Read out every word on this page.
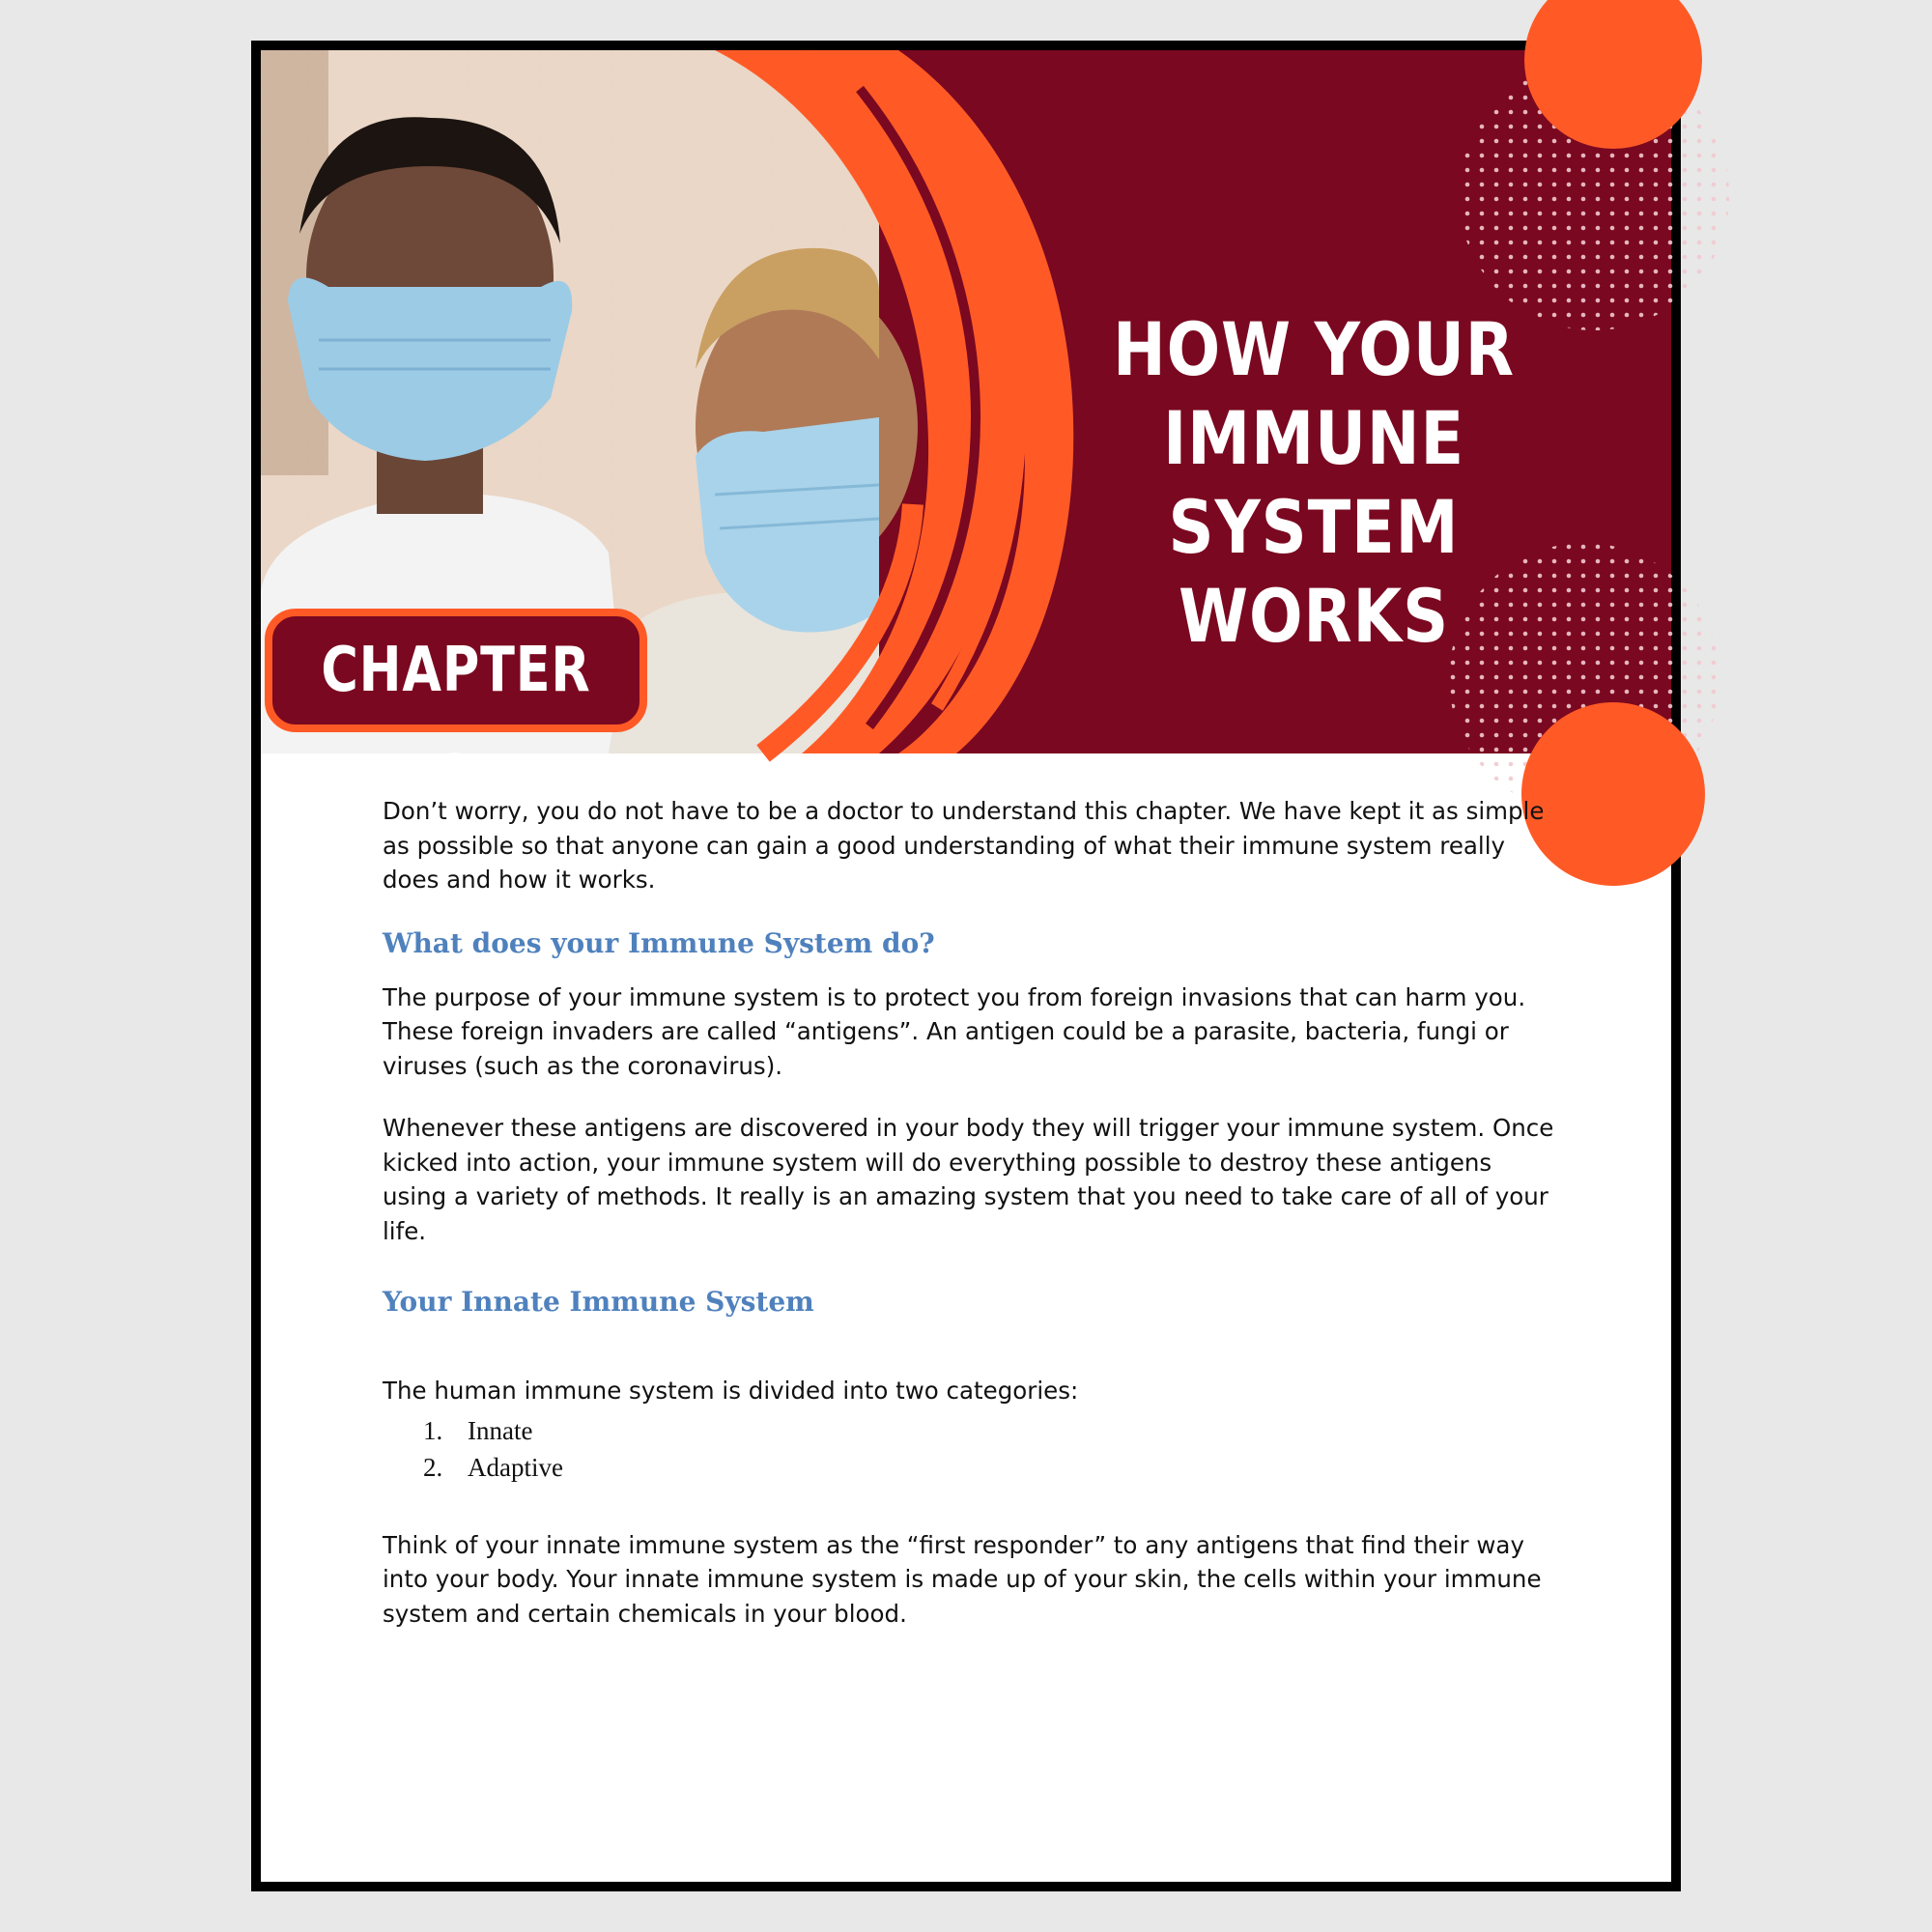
HOW YOUR IMMUNE
SYSTEM WORKS
CHAPTER 2

Don’t worry, you do not have to be a doctor to understand this chapter. We have kept it as simple as possible so that anyone can gain a good understanding of what their immune system really does and how it works.

What does your Immune System do?

The purpose of your immune system is to protect you from foreign invasions that can harm you. These foreign invaders are called “antigens”. An antigen could be a parasite, bacteria, fungi or viruses (such as the coronavirus).

Whenever these antigens are discovered in your body they will trigger your immune system. Once kicked into action, your immune system will do everything possible to destroy these antigens using a variety of methods. It really is an amazing system that you need to take care of all of your life.

Your Innate Immune System

The human immune system is divided into two categories:

1. Innate
2. Adaptive

Think of your innate immune system as the “first responder” to any antigens that find their way into your body. Your innate immune system is made up of your skin, the cells within your immune system and certain chemicals in your blood.
